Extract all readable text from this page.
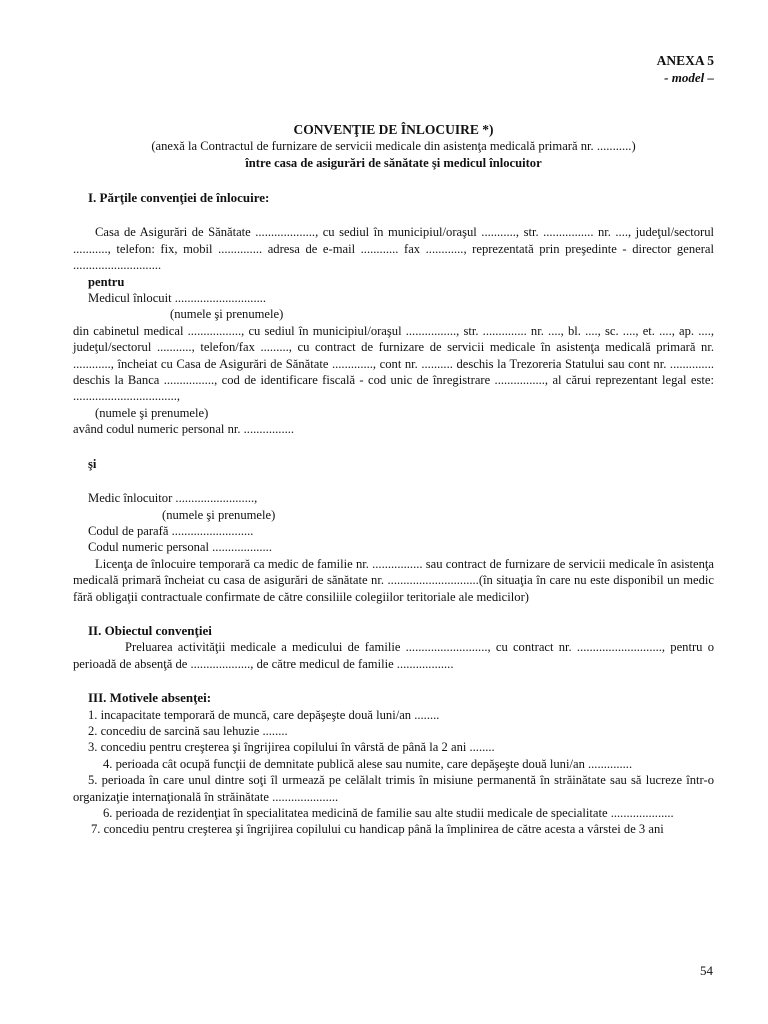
ANEXA 5
- model –
CONVENŢIE DE ÎNLOCUIRE *)
(anexă la Contractul de furnizare de servicii medicale din asistenţa medicală primară nr. ...........)
între casa de asigurări de sănătate şi medicul înlocuitor
I. Părţile convenţiei de înlocuire:

Casa de Asigurări de Sănătate ..................., cu sediul în municipiul/oraşul ..........., str. ................ nr. ...., judeţul/sectorul ..........., telefon: fix, mobil .............. adresa de e-mail ............ fax ............, reprezentată prin preşedinte - director general ............................

pentru

Medicul înlocuit .............................

(numele şi prenumele)

din cabinetul medical ................., cu sediul în municipiul/oraşul ................, str. .............. nr. ...., bl. ...., sc. ...., et. ...., ap. ...., judeţul/sectorul ..........., telefon/fax ........., cu contract de furnizare de servicii medicale în asistenţa medicală primară nr. ............, încheiat cu Casa de Asigurări de Sănătate ............., cont nr. .......... deschis la Trezoreria Statului sau cont nr. .............. deschis la Banca ................, cod de identificare fiscală - cod unic de înregistrare ................, al cărui reprezentant legal este: .................................,

(numele şi prenumele)

având codul numeric personal nr. ................

şi

Medic înlocuitor .........................,

(numele şi prenumele)

Codul de parafă ..........................

Codul numeric personal ...................

Licenţa de înlocuire temporară ca medic de familie nr. ................ sau contract de furnizare de servicii medicale în asistenţa medicală primară încheiat cu casa de asigurări de sănătate nr. .............................(în situaţia în care nu este disponibil un medic fără obligaţii contractuale confirmate de către consiliile colegiilor teritoriale ale medicilor)

II. Obiectul convenţiei

Preluarea activităţii medicale a medicului de familie .........................., cu contract nr. ..........................., pentru o perioadă de absenţă de ..................., de către medicul de familie ..................

III. Motivele absenţei:

1. incapacitate temporară de muncă, care depăşeşte două luni/an ........

2. concediu de sarcină sau lehuzie ........

3. concediu pentru creşterea şi îngrijirea copilului în vârstă de până la 2 ani ........

4. perioada cât ocupă funcţii de demnitate publică alese sau numite, care depăşeşte două luni/an ..............

5. perioada în care unul dintre soţi îl urmează pe celălalt trimis în misiune permanentă în străinătate sau să lucreze într-o organizaţie internaţională în străinătate .....................

6. perioada de rezidenţiat în specialitatea medicină de familie sau alte studii medicale de specialitate ....................

7. concediu pentru creşterea şi îngrijirea copilului cu handicap până la împlinirea de către acesta a vârstei de 3 ani

54
